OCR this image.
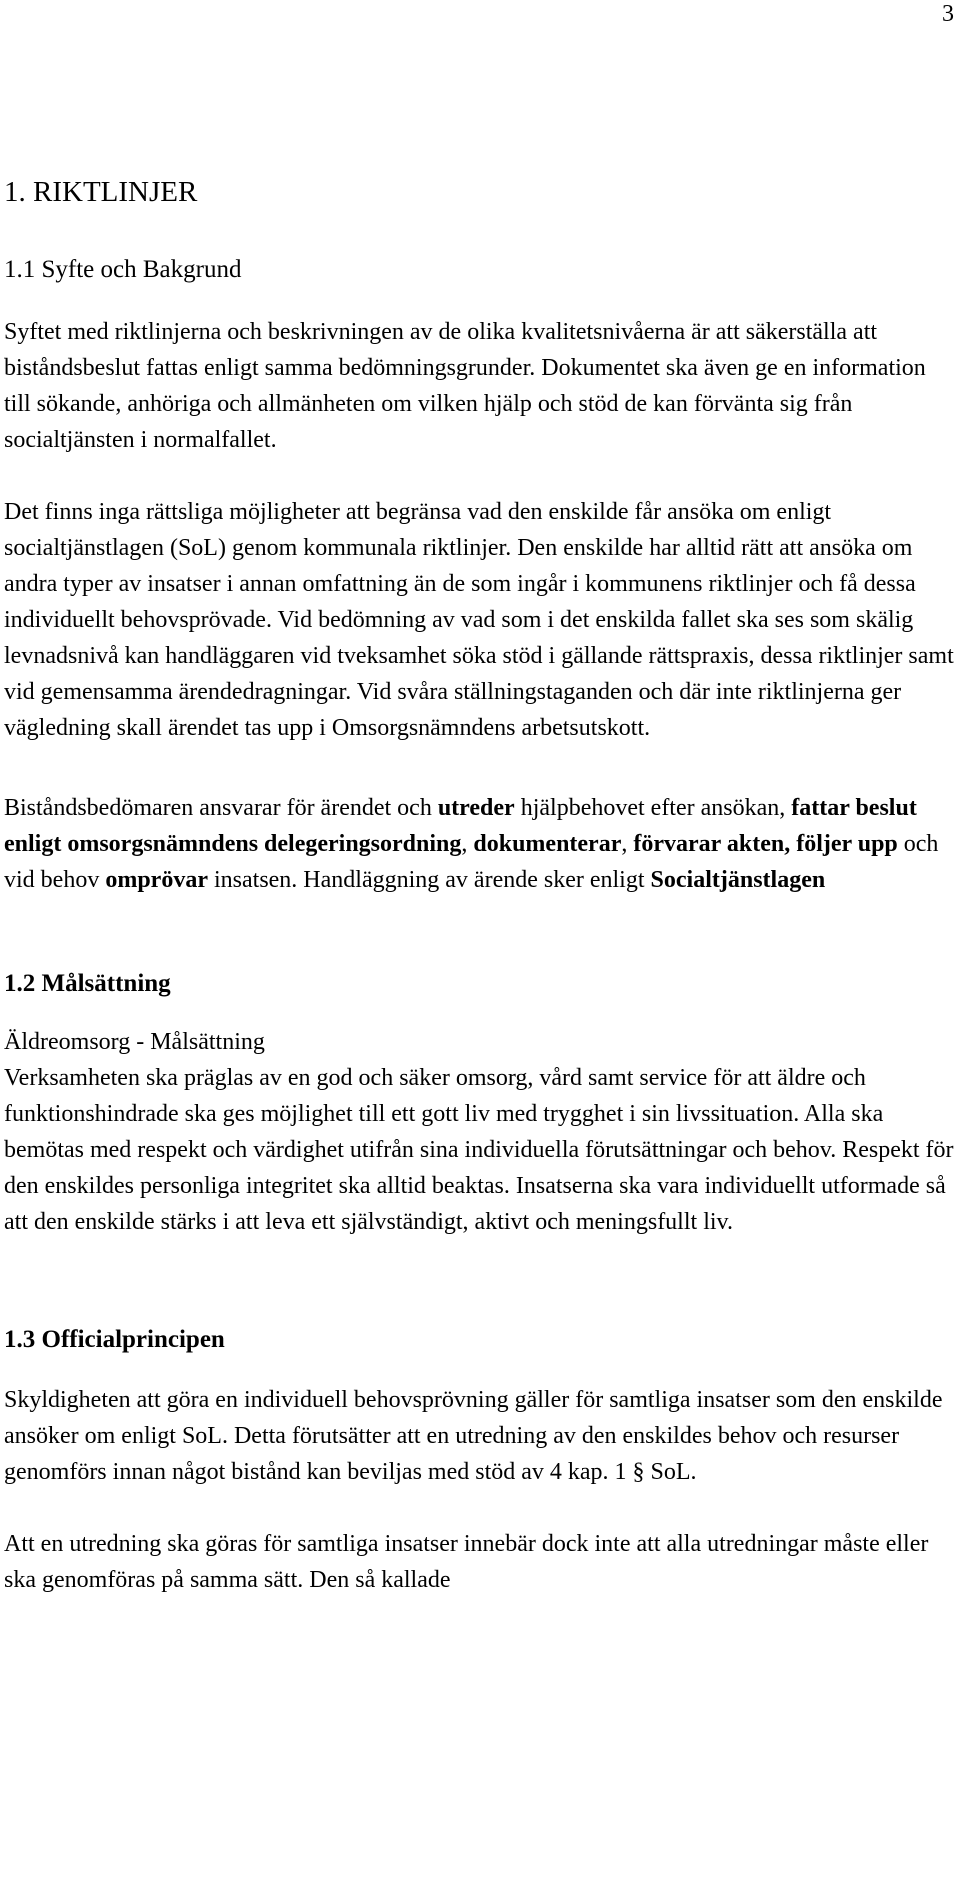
3
1. RIKTLINJER
1.1 Syfte och Bakgrund

Syftet med riktlinjerna och beskrivningen av de olika kvalitetsnivåerna är att säkerställa att biståndsbeslut fattas enligt samma bedömningsgrunder. Dokumentet ska även ge en information till sökande, anhöriga och allmänheten om vilken hjälp och stöd de kan förvänta sig från socialtjänsten i normalfallet.

Det finns inga rättsliga möjligheter att begränsa vad den enskilde får ansöka om enligt socialtjänstlagen (SoL) genom kommunala riktlinjer. Den enskilde har alltid rätt att ansöka om andra typer av insatser i annan omfattning än de som ingår i kommunens riktlinjer och få dessa individuellt behovsprövade. Vid bedömning av vad som i det enskilda fallet ska ses som skälig levnadsnivå kan handläggaren vid tveksamhet söka stöd i gällande rättspraxis, dessa riktlinjer samt vid gemensamma ärendedragningar. Vid svåra ställningstaganden och där inte riktlinjerna ger vägledning skall ärendet tas upp i Omsorgsnämndens arbetsutskott.

Biståndsbedömaren ansvarar för ärendet och utreder hjälpbehovet efter ansökan, fattar beslut enligt omsorgsnämndens delegeringsordning, dokumenterar, förvarar akten, följer upp och vid behov omprövar insatsen. Handläggning av ärende sker enligt Socialtjänstlagen

1.2 Målsättning
Äldreomsorg - Målsättning

Verksamheten ska präglas av en god och säker omsorg, vård samt service för att äldre och funktionshindrade ska ges möjlighet till ett gott liv med trygghet i sin livssituation. Alla ska bemötas med respekt och värdighet utifrån sina individuella förutsättningar och behov. Respekt för den enskildes personliga integritet ska alltid beaktas. Insatserna ska vara individuellt utformade så att den enskilde stärks i att leva ett självständigt, aktivt och meningsfullt liv.

1.3 Officialprincipen

Skyldigheten att göra en individuell behovsprövning gäller för samtliga insatser som den enskilde ansöker om enligt SoL. Detta förutsätter att en utredning av den enskildes behov och resurser genomförs innan något bistånd kan beviljas med stöd av 4 kap. 1 § SoL.

Att en utredning ska göras för samtliga insatser innebär dock inte att alla utredningar måste eller ska genomföras på samma sätt. Den så kallade
